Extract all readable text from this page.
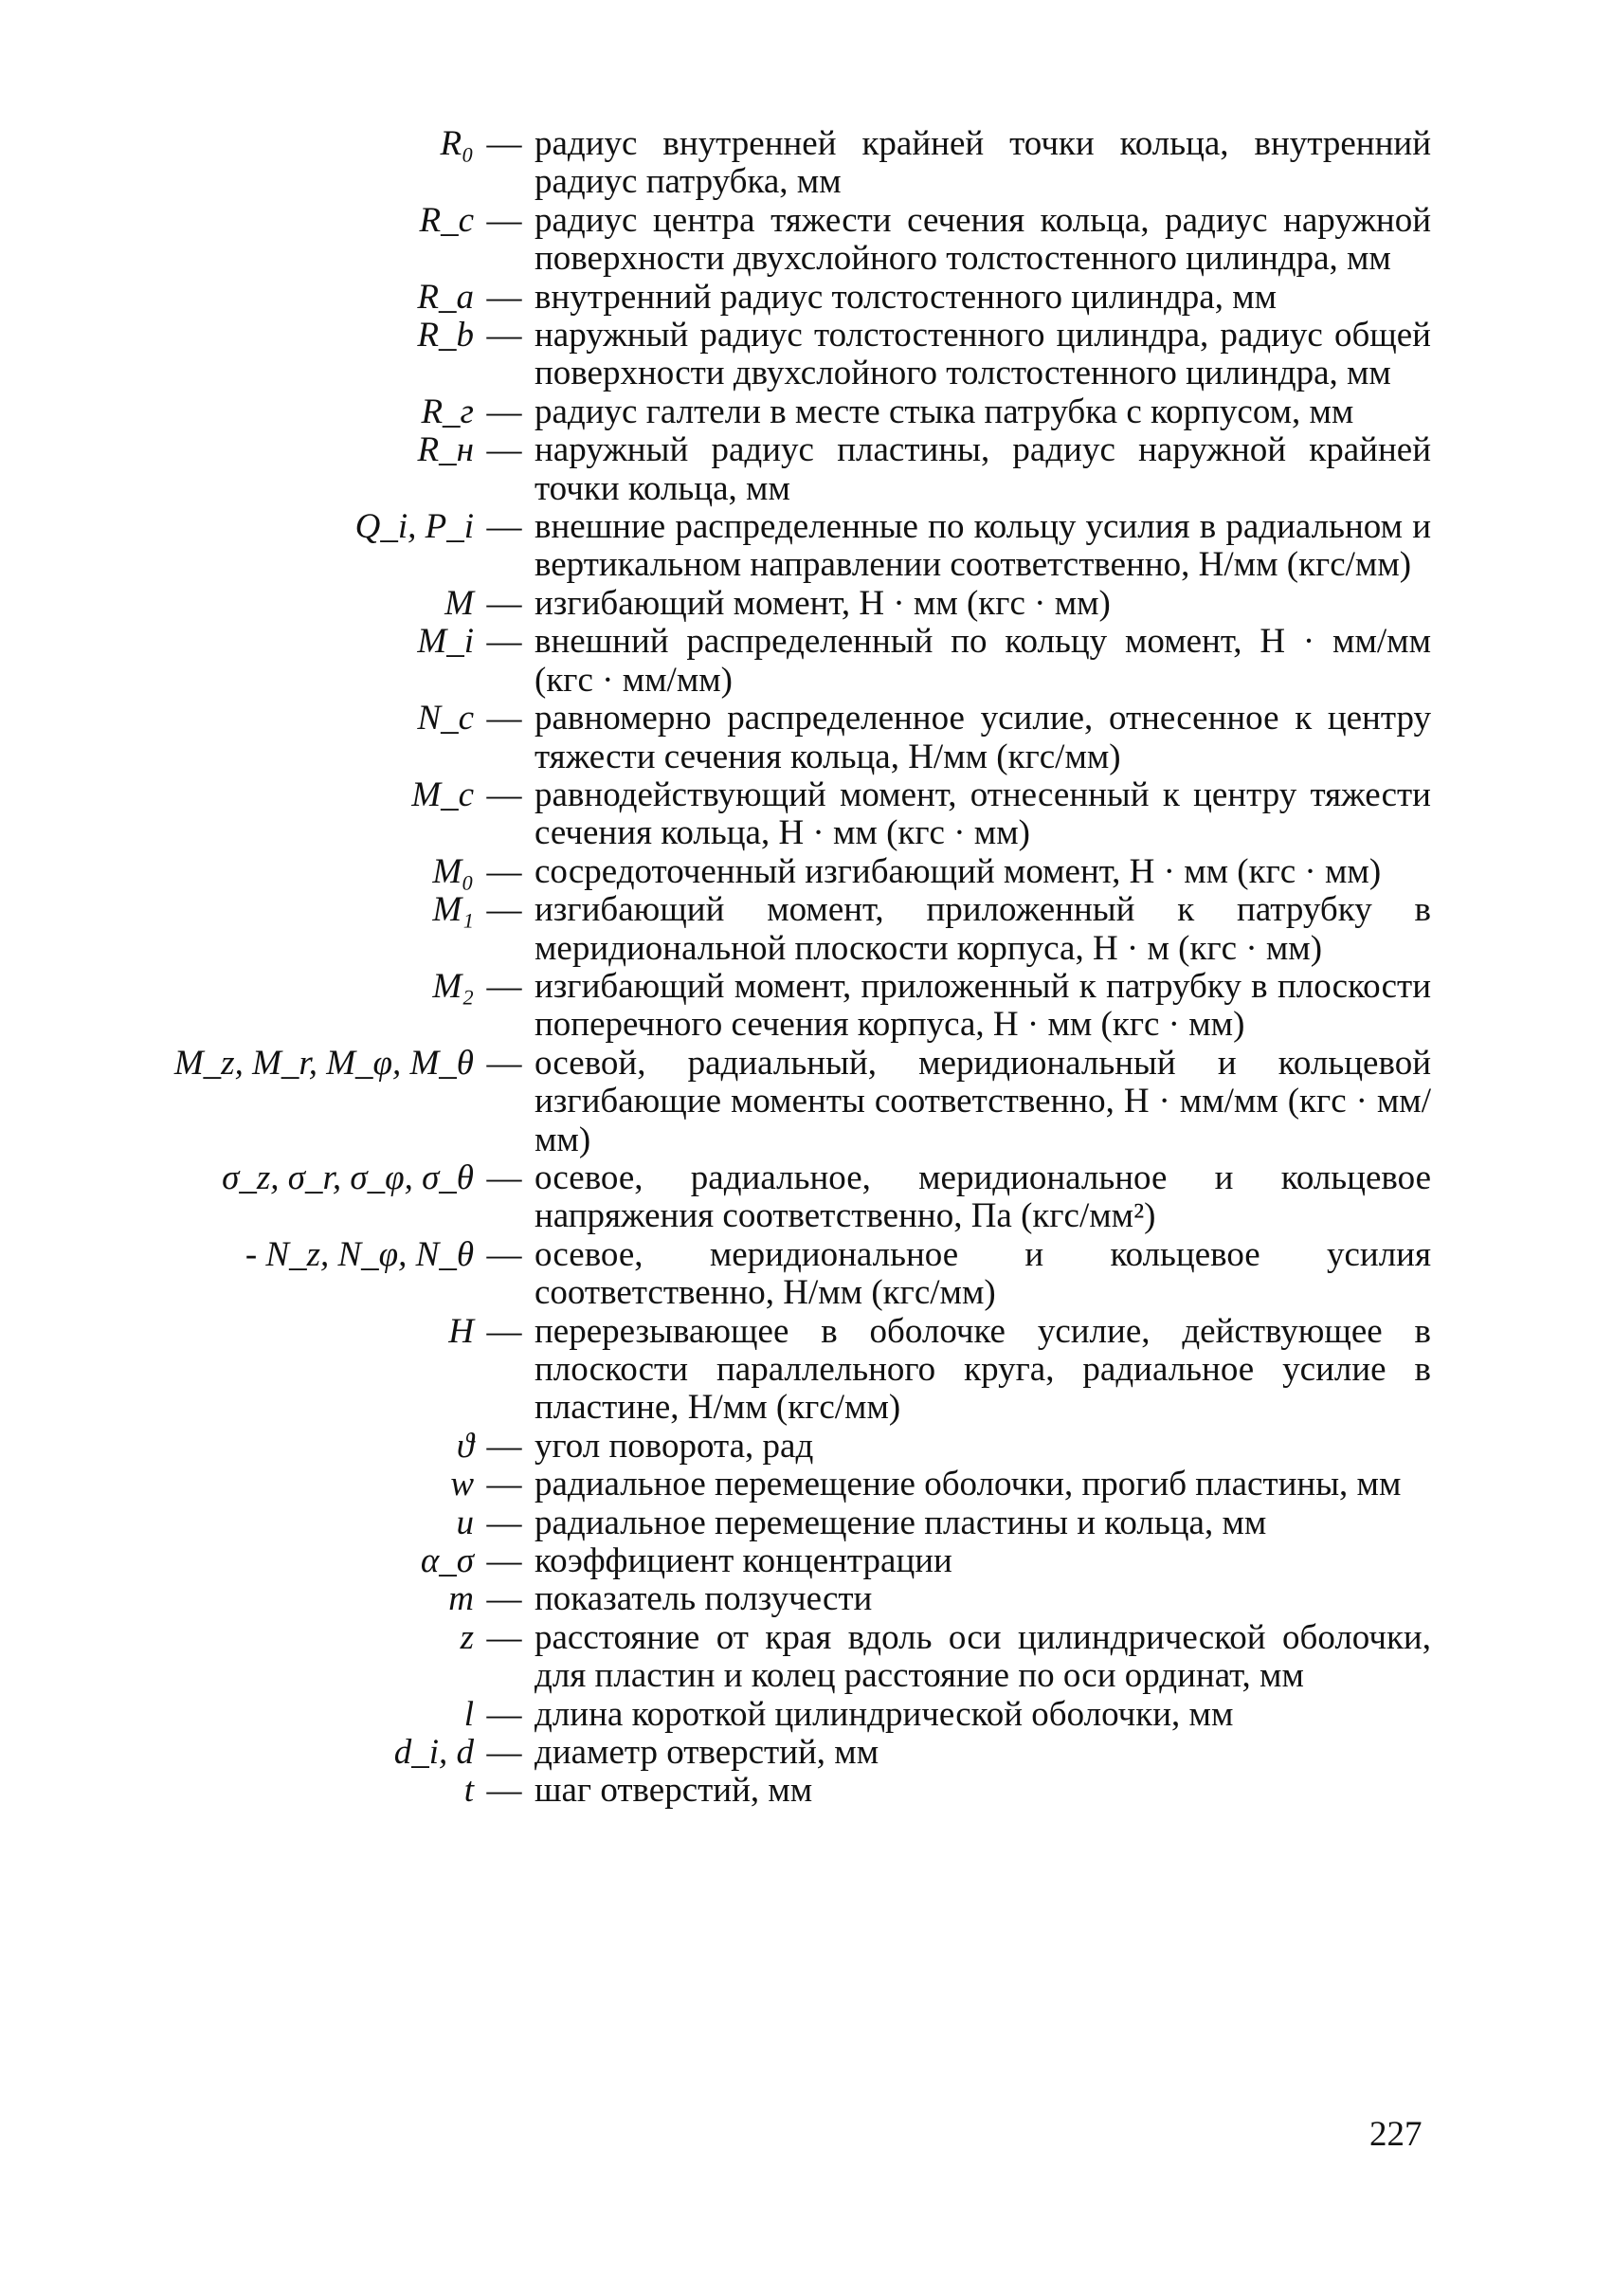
R₀ — радиус внутренней крайней точки кольца, внутренний радиус патрубка, мм
R_c — радиус центра тяжести сечения кольца, радиус наружной поверхности двухслойного толстостенного цилиндра, мм
R_a — внутренний радиус толстостенного цилиндра, мм
R_b — наружный радиус толстостенного цилиндра, радиус общей поверхности двухслойного толстостенного цилиндра, мм
R_г — радиус галтели в месте стыка патрубка с корпусом, мм
R_н — наружный радиус пластины, радиус наружной крайней точки кольца, мм
Q_i, P_i — внешние распределенные по кольцу усилия в радиальном и вертикальном направлении соответственно, Н/мм (кгс/мм)
M — изгибающий момент, Н · мм (кгс · мм)
M_i — внешний распределенный по кольцу момент, Н · мм/мм (кгс · мм/мм)
N_c — равномерно распределенное усилие, отнесенное к центру тяжести сечения кольца, Н/мм (кгс/мм)
M_c — равнодействующий момент, отнесенный к центру тяжести сечения кольца, Н · мм (кгс · мм)
M₀ — сосредоточенный изгибающий момент, Н · мм (кгс · мм)
M₁ — изгибающий момент, приложенный к патрубку в меридиональной плоскости корпуса, Н · м (кгс · мм)
M₂ — изгибающий момент, приложенный к патрубку в плоскости поперечного сечения корпуса, Н · мм (кгс · мм)
M_z, M_r, M_φ, M_θ — осевой, радиальный, меридиональный и кольцевой изгибающие моменты соответственно, Н · мм/мм (кгс · мм/мм)
σ_z, σ_r, σ_φ, σ_θ — осевое, радиальное, меридиональное и кольцевое напряжения соответственно, Па (кгс/мм²)
- N_z, N_φ, N_θ — осевое, меридиональное и кольцевое усилия соответственно, Н/мм (кгс/мм)
H — перерезывающее в оболочке усилие, действующее в плоскости параллельного круга, радиальное усилие в пластине, Н/мм (кгс/мм)
ϑ — угол поворота, рад
w — радиальное перемещение оболочки, прогиб пластины, мм
u — радиальное перемещение пластины и кольца, мм
α_σ — коэффициент концентрации
m — показатель ползучести
z — расстояние от края вдоль оси цилиндрической оболочки, для пластин и колец расстояние по оси ординат, мм
l — длина короткой цилиндрической оболочки, мм
d_i, d — диаметр отверстий, мм
t — шаг отверстий, мм
227
